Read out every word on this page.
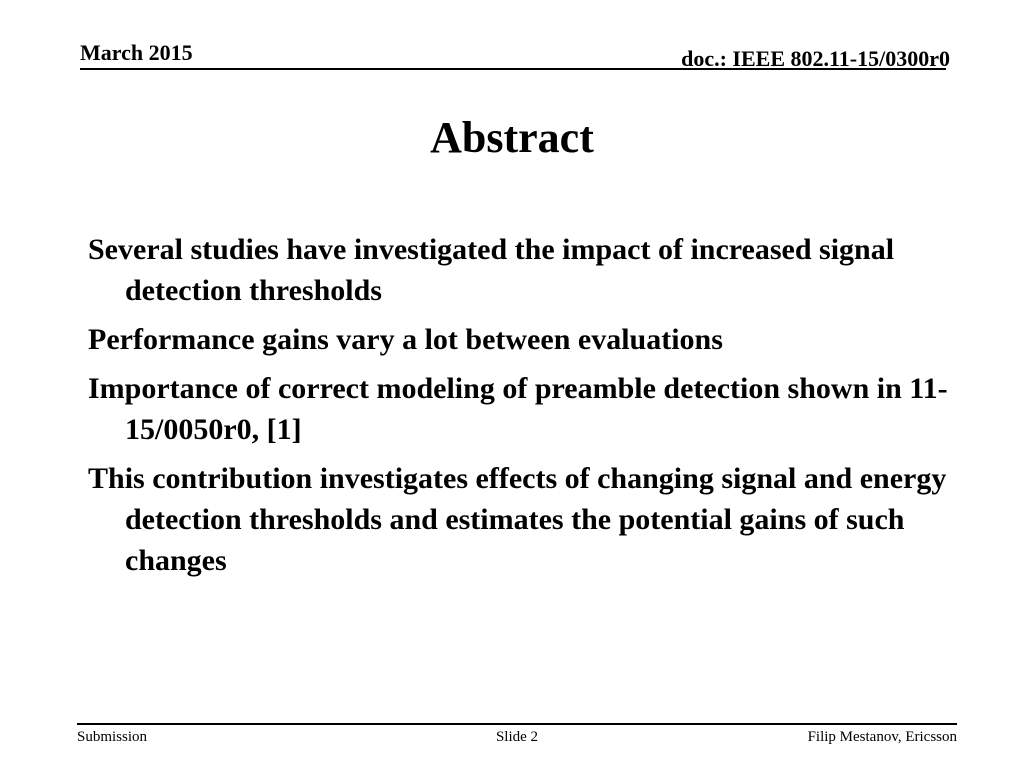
March 2015	doc.: IEEE 802.11-15/0300r0
Abstract
Several studies have investigated the impact of increased signal detection thresholds
Performance gains vary a lot between evaluations
Importance of correct modeling of preamble detection shown in 11-15/0050r0, [1]
This contribution investigates effects of changing signal and energy detection thresholds and estimates the potential gains of such changes
Submission	Slide 2	Filip Mestanov, Ericsson
